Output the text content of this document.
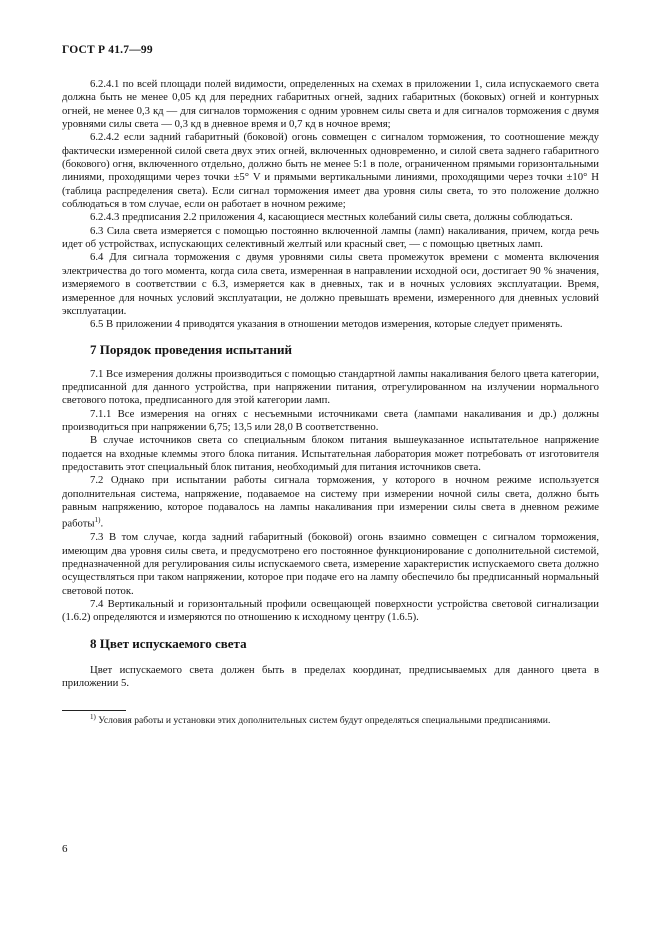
ГОСТ Р 41.7—99

6.2.4.1 по всей площади полей видимости, определенных на схемах в приложении 1, сила испускаемого света должна быть не менее 0,05 кд для передних габаритных огней, задних габаритных (боковых) огней и контурных огней, не менее 0,3 кд — для сигналов торможения с одним уровнем силы света и для сигналов торможения с двумя уровнями силы света — 0,3 кд в дневное время и 0,7 кд в ночное время;

6.2.4.2 если задний габаритный (боковой) огонь совмещен с сигналом торможения, то соотношение между фактически измеренной силой света двух этих огней, включенных одновременно, и силой света заднего габаритного (бокового) огня, включенного отдельно, должно быть не менее 5:1 в поле, ограниченном прямыми горизонтальными линиями, проходящими через точки ±5° V и прямыми вертикальными линиями, проходящими через точки ±10° H (таблица распределения света). Если сигнал торможения имеет два уровня силы света, то это положение должно соблюдаться в том случае, если он работает в ночном режиме;

6.2.4.3 предписания 2.2 приложения 4, касающиеся местных колебаний силы света, должны соблюдаться.

6.3 Сила света измеряется с помощью постоянно включенной лампы (ламп) накаливания, причем, когда речь идет об устройствах, испускающих селективный желтый или красный свет, — с помощью цветных ламп.

6.4 Для сигнала торможения с двумя уровнями силы света промежуток времени с момента включения электричества до того момента, когда сила света, измеренная в направлении исходной оси, достигает 90 % значения, измеряемого в соответствии с 6.3, измеряется как в дневных, так и в ночных условиях эксплуатации. Время, измеренное для ночных условий эксплуатации, не должно превышать времени, измеренного для дневных условий эксплуатации.

6.5 В приложении 4 приводятся указания в отношении методов измерения, которые следует применять.

7 Порядок проведения испытаний

7.1 Все измерения должны производиться с помощью стандартной лампы накаливания белого цвета категории, предписанной для данного устройства, при напряжении питания, отрегулированном на излучении нормального светового потока, предписанного для этой категории ламп.

7.1.1 Все измерения на огнях с несъемными источниками света (лампами накаливания и др.) должны производиться при напряжении 6,75; 13,5 или 28,0 В соответственно.

В случае источников света со специальным блоком питания вышеуказанное испытательное напряжение подается на входные клеммы этого блока питания. Испытательная лаборатория может потребовать от изготовителя предоставить этот специальный блок питания, необходимый для питания источников света.

7.2 Однако при испытании работы сигнала торможения, у которого в ночном режиме используется дополнительная система, напряжение, подаваемое на систему при измерении ночной силы света, должно быть равным напряжению, которое подавалось на лампы накаливания при измерении силы света в дневном режиме работы$^{1)}$.

7.3 В том случае, когда задний габаритный (боковой) огонь взаимно совмещен с сигналом торможения, имеющим два уровня силы света, и предусмотрено его постоянное функционирование с дополнительной системой, предназначенной для регулирования силы испускаемого света, измерение характеристик испускаемого света должно осуществляться при таком напряжении, которое при подаче его на лампу обеспечило бы предписанный нормальный световой поток.

7.4 Вертикальный и горизонтальный профили освещающей поверхности устройства световой сигнализации (1.6.2) определяются и измеряются по отношению к исходному центру (1.6.5).

8 Цвет испускаемого света

Цвет испускаемого света должен быть в пределах координат, предписываемых для данного цвета в приложении 5.

$^{1)}$ Условия работы и установки этих дополнительных систем будут определяться специальными предписаниями.

6
